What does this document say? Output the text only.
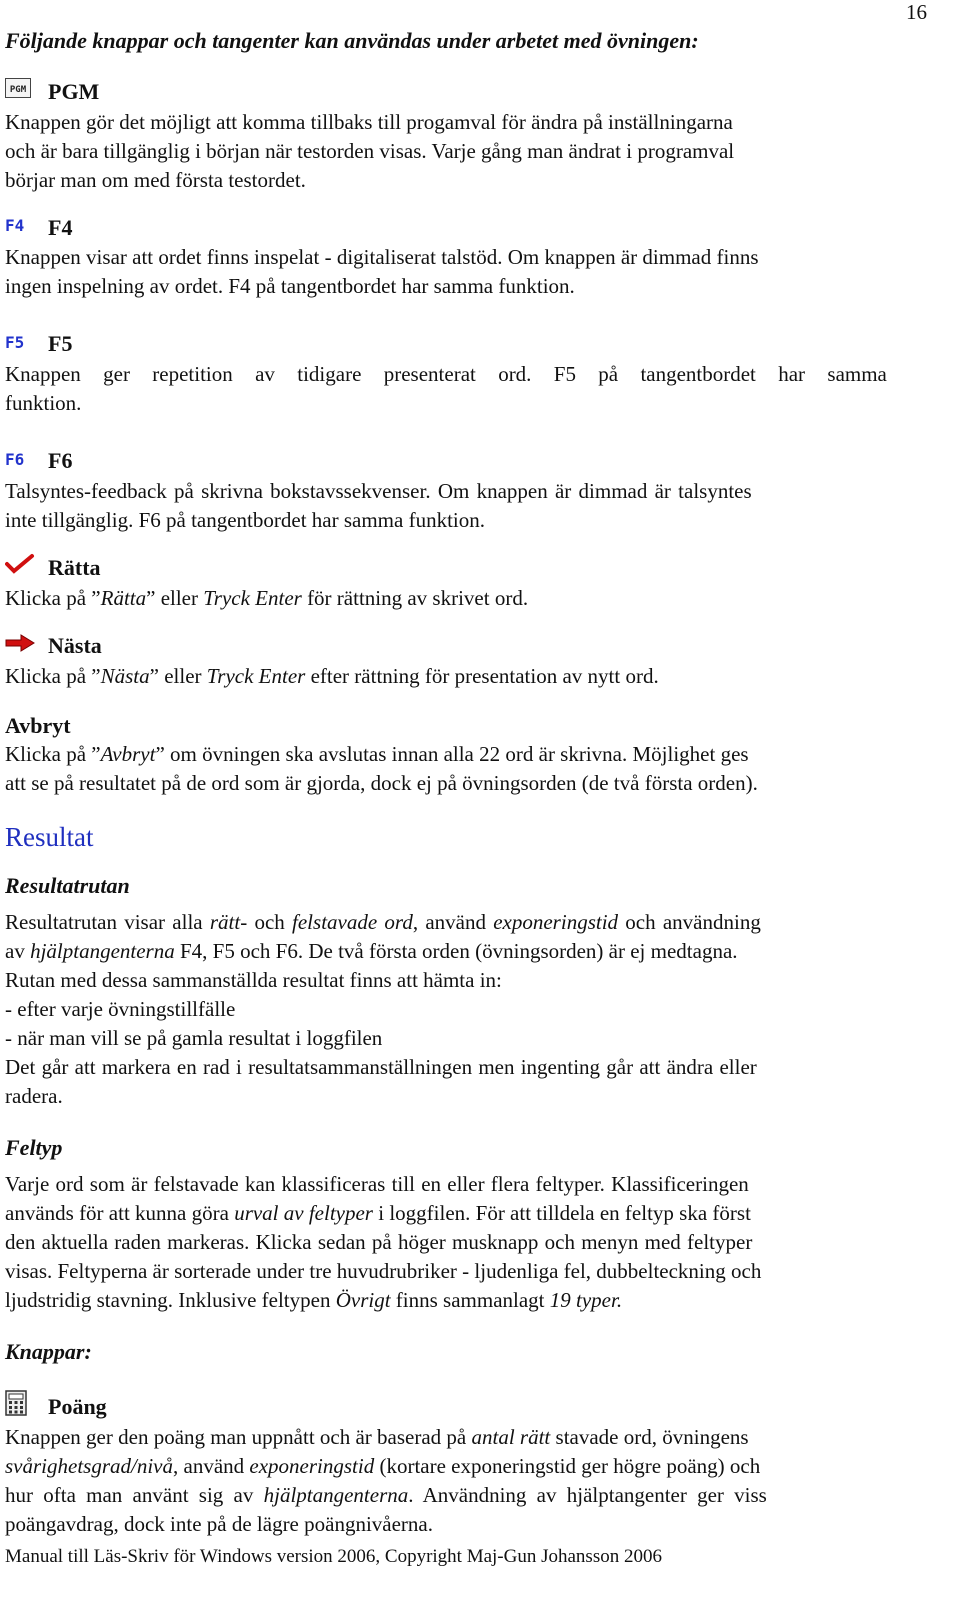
16
Följande knappar och tangenter kan användas under arbetet med övningen:
PGM PGM
Knappen gör det möjligt att komma tillbaks till progamval för ändra på inställningarna
och är bara tillgänglig i början när testorden visas. Varje gång man ändrat i programval
börjar man om med första testordet.
F4 F4
Knappen visar att ordet finns inspelat - digitaliserat talstöd. Om knappen är dimmad finns
ingen inspelning av ordet. F4 på tangentbordet har samma funktion.
F5 F5
Knappen ger repetition av tidigare presenterat ord. F5 på tangentbordet har samma
funktion.
F6 F6
Talsyntes-feedback på skrivna bokstavssekvenser. Om knappen är dimmad är talsyntes
inte tillgänglig. F6 på tangentbordet har samma funktion.
Rätta
Klicka på ”Rätta” eller Tryck Enter för rättning av skrivet ord.
Nästa
Klicka på ”Nästa” eller Tryck Enter efter rättning för presentation av nytt ord.
Avbryt
Klicka på ”Avbryt” om övningen ska avslutas innan alla 22 ord är skrivna. Möjlighet ges
att se på resultatet på de ord som är gjorda, dock ej på övningsorden (de två första orden).
Resultat
Resultatrutan
Resultatrutan visar alla rätt- och felstavade ord, använd exponeringstid och användning
av hjälptangenterna F4, F5 och F6. De två första orden (övningsorden) är ej medtagna.
Rutan med dessa sammanställda resultat finns att hämta in:
- efter varje övningstillfälle
- när man vill se på gamla resultat i loggfilen
Det går att markera en rad i resultatsammanställningen men ingenting går att ändra eller
radera.
Feltyp
Varje ord som är felstavade kan klassificeras till en eller flera feltyper. Klassificeringen
används för att kunna göra urval av feltyper i loggfilen. För att tilldela en feltyp ska först
den aktuella raden markeras. Klicka sedan på höger musknapp och menyn med feltyper
visas. Feltyperna är sorterade under tre huvudrubriker - ljudenliga fel, dubbelteckning och
ljudstridig stavning. Inklusive feltypen Övrigt finns sammanlagt 19 typer.
Knappar:
Poäng
Knappen ger den poäng man uppnått och är baserad på antal rätt stavade ord, övningens
svårighetsgrad/nivå, använd exponeringstid (kortare exponeringstid ger högre poäng) och
hur ofta man använt sig av hjälptangenterna. Användning av hjälptangenter ger viss
poängavdrag, dock inte på de lägre poängnivåerna.
Manual till Läs-Skriv för Windows version 2006, Copyright Maj-Gun Johansson 2006
